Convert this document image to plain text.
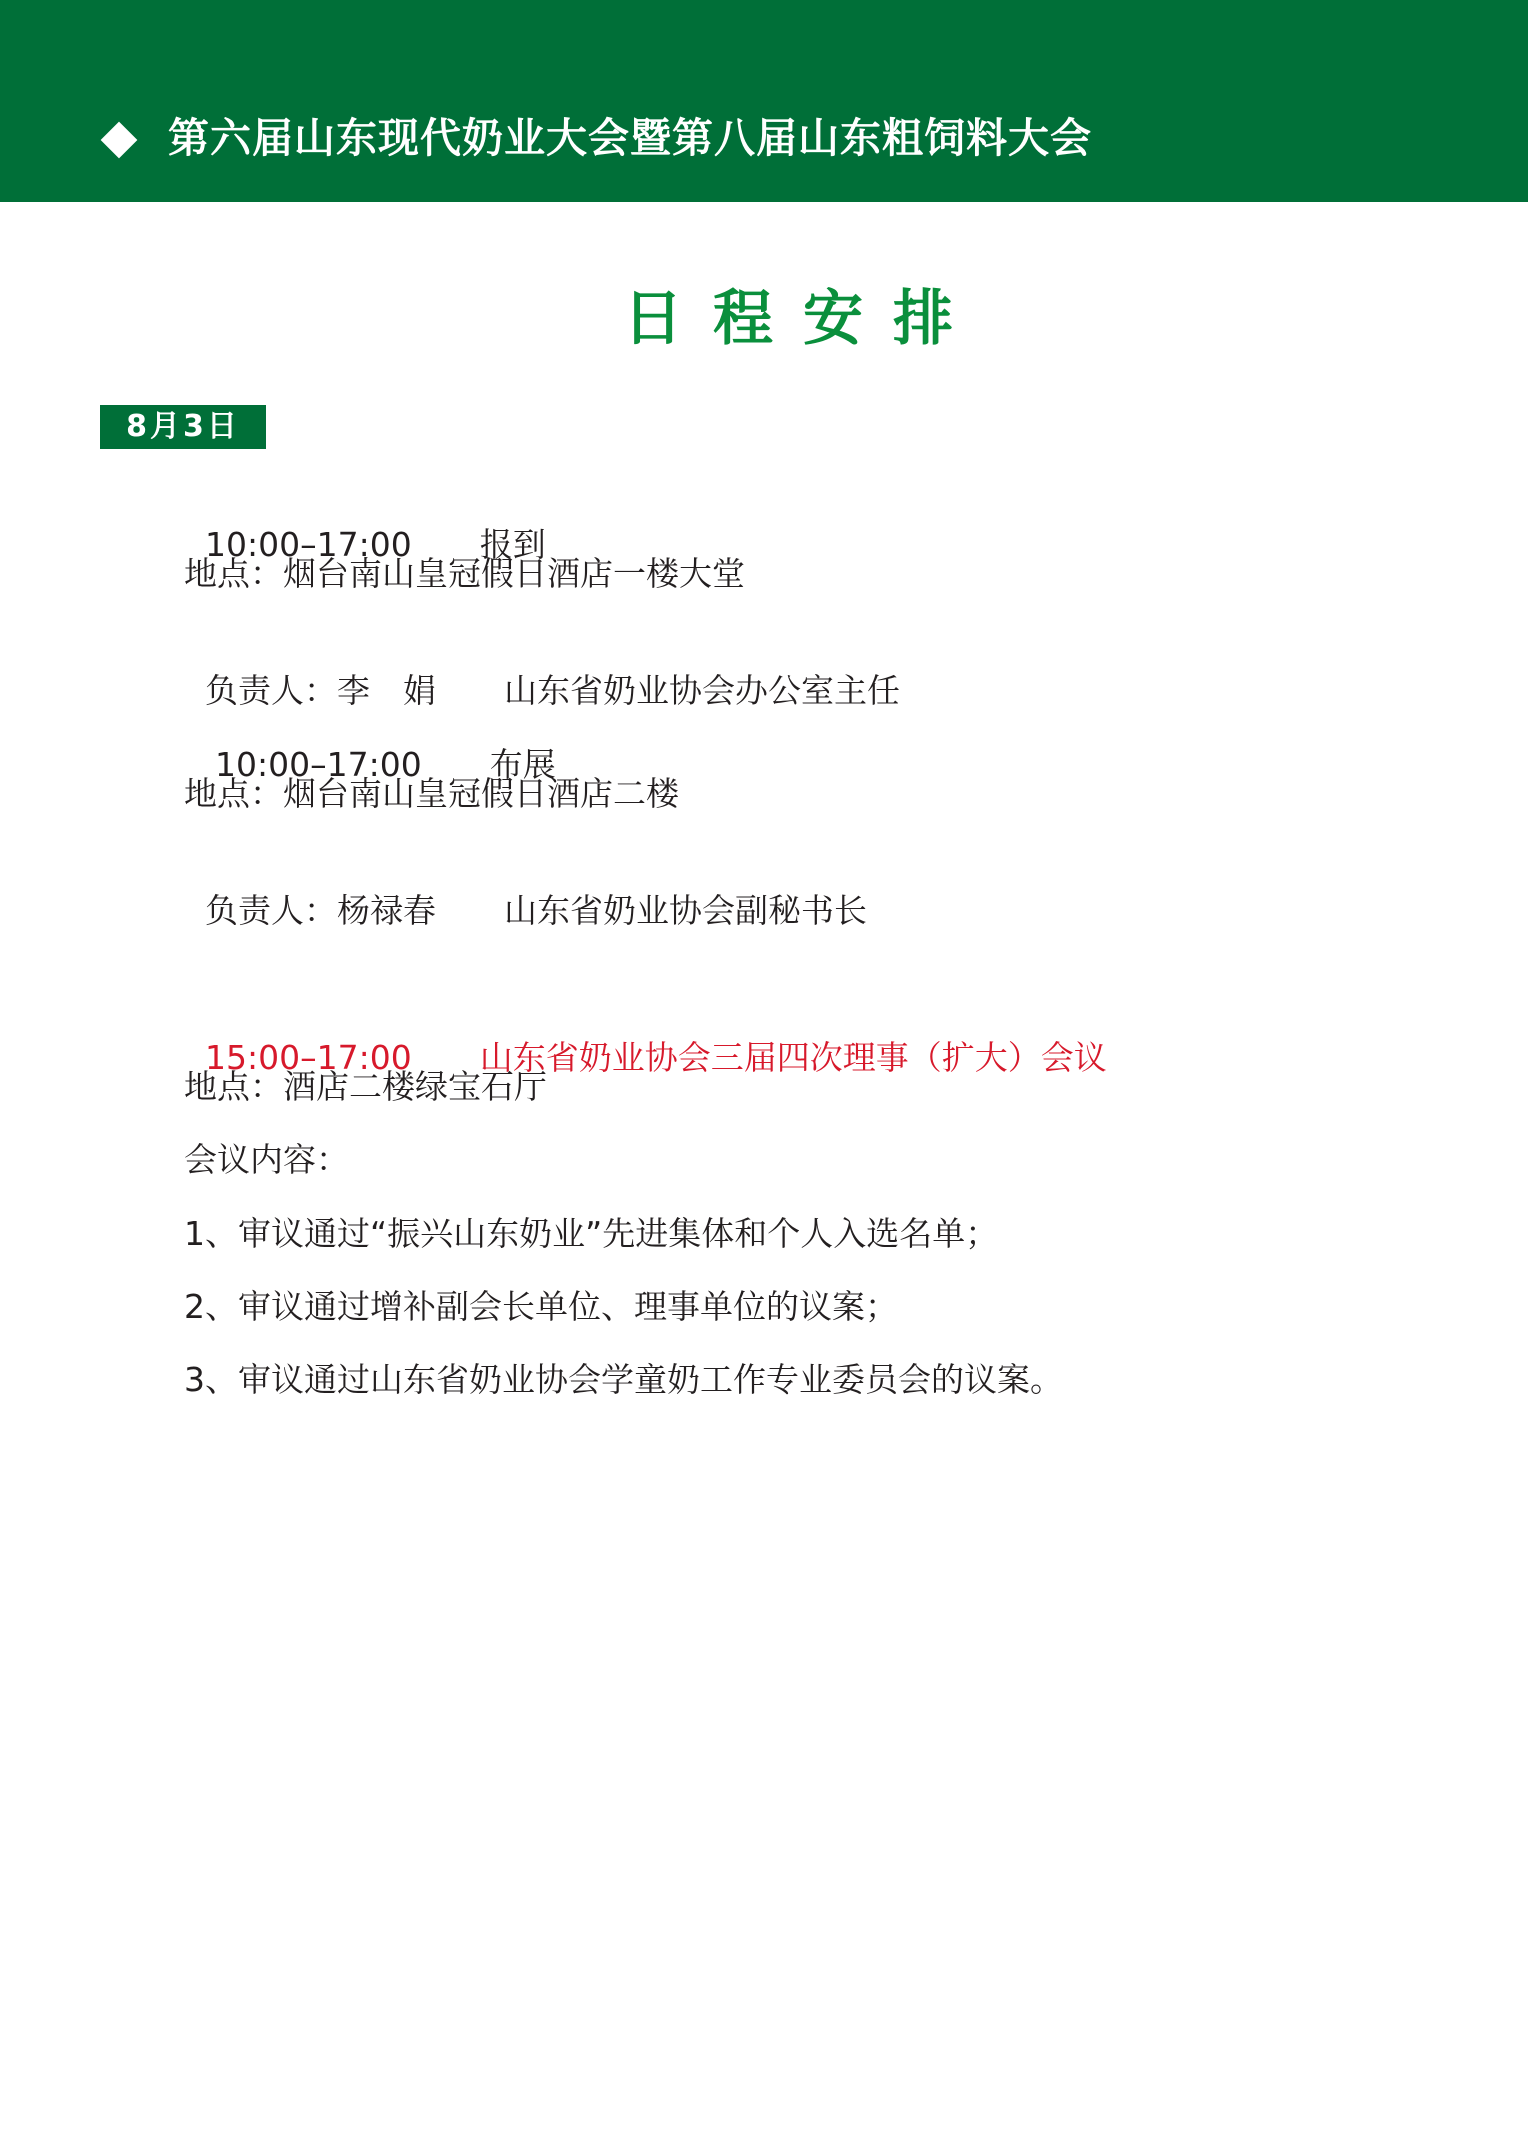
第六届山东现代奶业大会暨第八届山东粗饲料大会
日程安排
8月3日

10:00–17:00 报到

地点：烟台南山皇冠假日酒店一楼大堂

负责人：李　娟 山东省奶业协会办公室主任

10:00–17:00 布展

地点：烟台南山皇冠假日酒店二楼

负责人：杨禄春 山东省奶业协会副秘书长

15:00–17:00 山东省奶业协会三届四次理事（扩大）会议

地点：酒店二楼绿宝石厅
会议内容：
1、审议通过“振兴山东奶业”先进集体和个人入选名单；
2、审议通过增补副会长单位、理事单位的议案；
3、审议通过山东省奶业协会学童奶工作专业委员会的议案。
